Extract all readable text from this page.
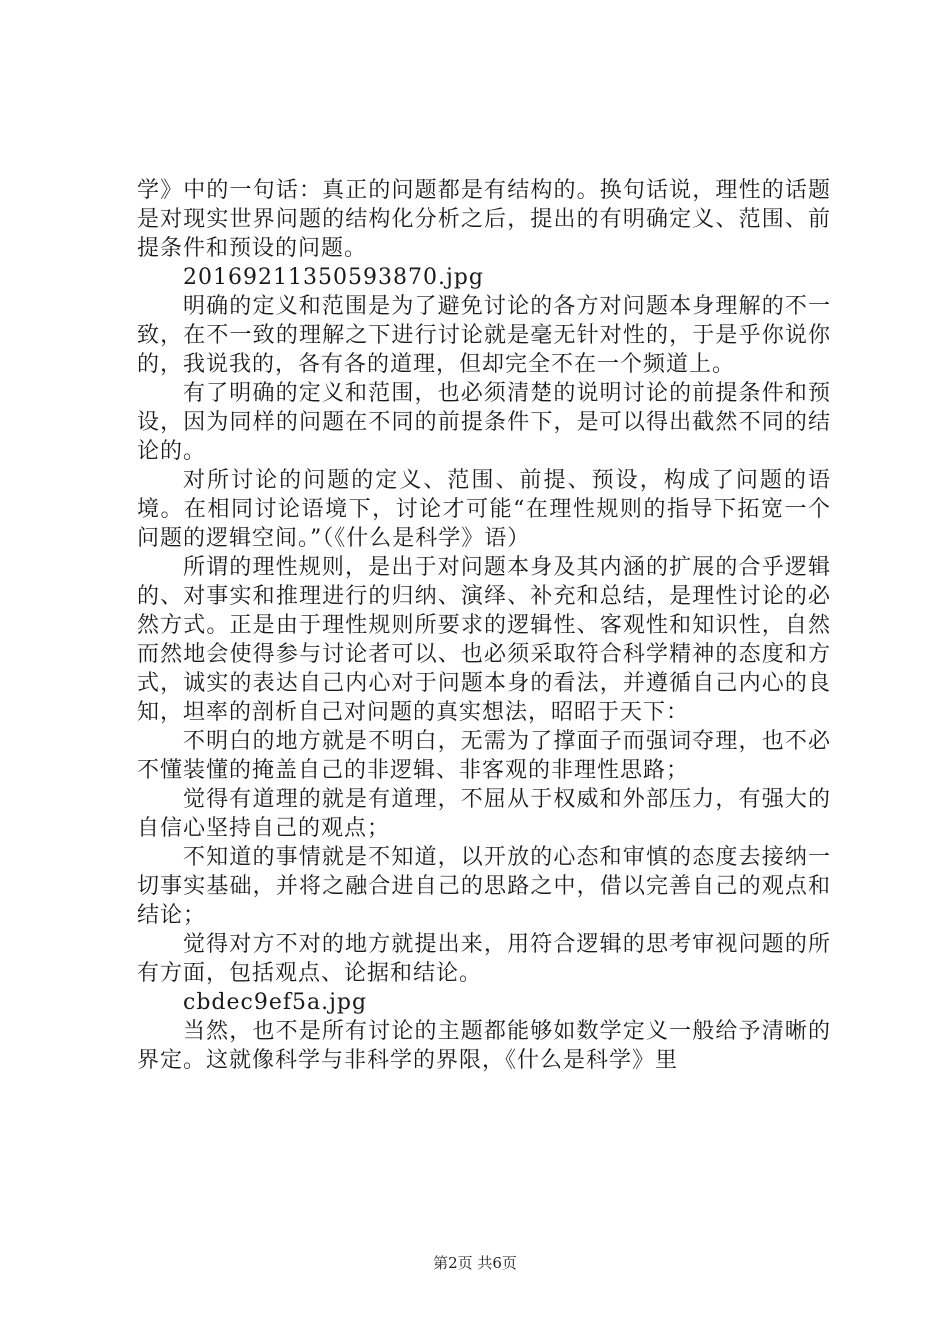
学》中的一句话：真正的问题都是有结构的。换句话说，理性的话题是对现实世界问题的结构化分析之后，提出的有明确定义、范围、前提条件和预设的问题。

20169211350593870.jpg

明确的定义和范围是为了避免讨论的各方对问题本身理解的不一致，在不一致的理解之下进行讨论就是毫无针对性的，于是乎你说你的，我说我的，各有各的道理，但却完全不在一个频道上。

有了明确的定义和范围，也必须清楚的说明讨论的前提条件和预设，因为同样的问题在不同的前提条件下，是可以得出截然不同的结论的。

对所讨论的问题的定义、范围、前提、预设，构成了问题的语境。在相同讨论语境下，讨论才可能“在理性规则的指导下拓宽一个问题的逻辑空间。”（《什么是科学》语）

所谓的理性规则，是出于对问题本身及其内涵的扩展的合乎逻辑的、对事实和推理进行的归纳、演绎、补充和总结，是理性讨论的必然方式。正是由于理性规则所要求的逻辑性、客观性和知识性，自然而然地会使得参与讨论者可以、也必须采取符合科学精神的态度和方式，诚实的表达自己内心对于问题本身的看法，并遵循自己内心的良知，坦率的剖析自己对问题的真实想法，昭昭于天下：

不明白的地方就是不明白，无需为了撑面子而强词夺理，也不必不懂装懂的掩盖自己的非逻辑、非客观的非理性思路；

觉得有道理的就是有道理，不屈从于权威和外部压力，有强大的自信心坚持自己的观点；

不知道的事情就是不知道，以开放的心态和审慎的态度去接纳一切事实基础，并将之融合进自己的思路之中，借以完善自己的观点和结论；

觉得对方不对的地方就提出来，用符合逻辑的思考审视问题的所有方面，包括观点、论据和结论。

cbdec9ef5a.jpg

当然，也不是所有讨论的主题都能够如数学定义一般给予清晰的界定。这就像科学与非科学的界限，《什么是科学》里

第2页 共6页
